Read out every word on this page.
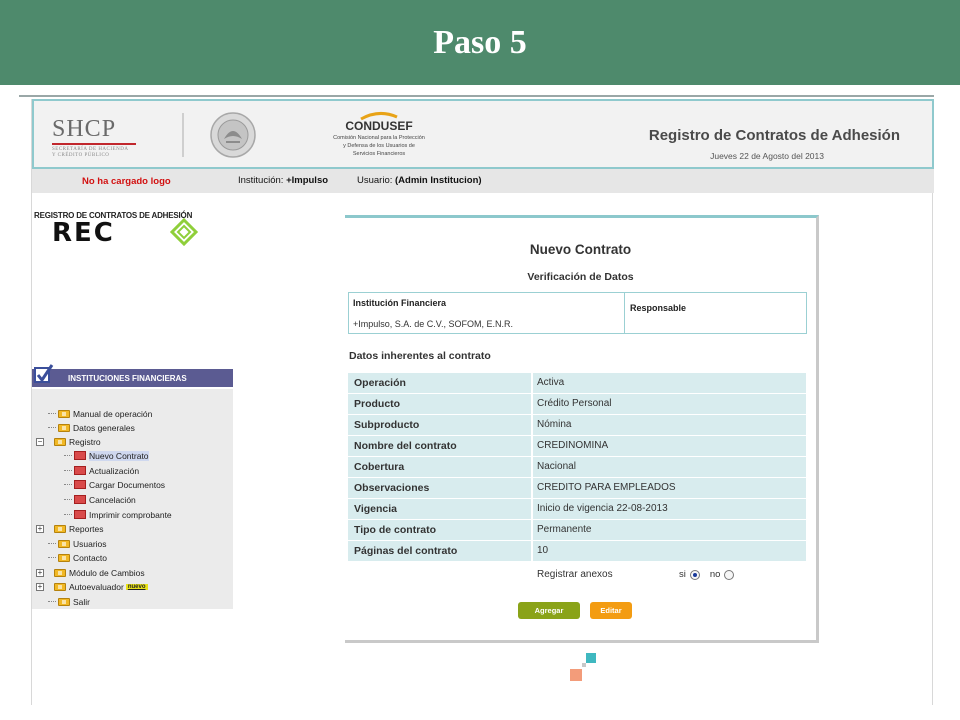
Paso 5
SHCP
SECRETARÍA DE HACIENDA
Y CRÉDITO PÚBLICO
CONDUSEF
Comisión Nacional para la Protección
y Defensa de los Usuarios de
Servicios Financieros
Registro de Contratos de Adhesión
Jueves 22 de Agosto del 2013
No ha cargado logo	Institución: +Impulso	Usuario: (Admin Institucion)
REGISTRO DE CONTRATOS DE ADHESIÓN
REC
INSTITUCIONES FINANCIERAS
Manual de operación
Datos generales
−	Registro
Nuevo Contrato
Actualización
Cargar Documentos
Cancelación
Imprimir comprobante
+	Reportes
Usuarios
Contacto
+	Módulo de Cambios
+	Autoevaluador nuevo
Salir
Nuevo Contrato
Verificación de Datos
Institución Financiera
+Impulso, S.A. de C.V., SOFOM, E.N.R.
Responsable
Datos inherentes al contrato
Operación	Activa
Producto	Crédito Personal
Subproducto	Nómina
Nombre del contrato	CREDINOMINA
Cobertura	Nacional
Observaciones	CREDITO PARA EMPLEADOS
Vigencia	Inicio de vigencia 22-08-2013
Tipo de contrato	Permanente
Páginas del contrato	10
Registrar anexos	si	no
Agregar	Editar
